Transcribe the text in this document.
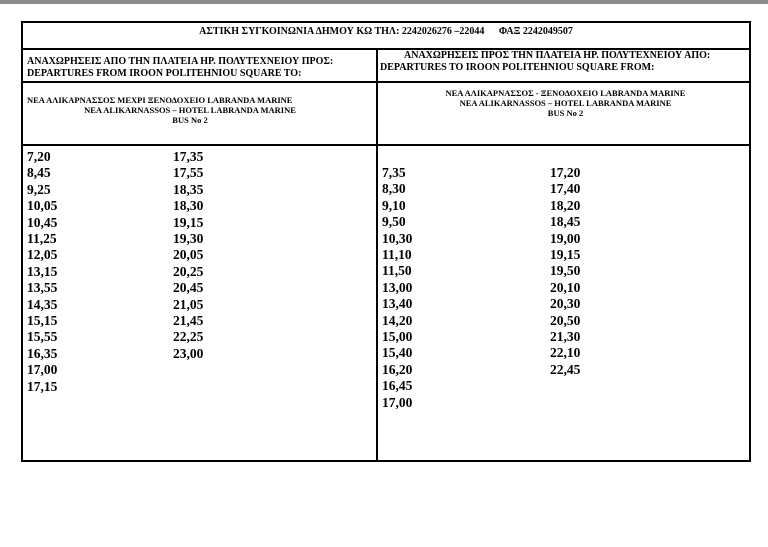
ΑΣΤΙΚΗ ΣΥΓΚΟΙΝΩΝΙΑ ΔΗΜΟΥ ΚΩ ΤΗΛ: 2242026276 –22044 ΦΑΞ 2242049507
ΑΝΑΧΩΡΗΣΕΙΣ ΑΠΟ ΤΗΝ ΠΛΑΤΕΙΑ ΗΡ. ΠΟΛΥΤΕΧΝΕΙΟΥ ΠΡΟΣ:
DEPARTURES FROM IROON POLITEHNIOU SQUARE TO:
ΑΝΑΧΩΡΗΣΕΙΣ ΠΡΟΣ ΤΗΝ ΠΛΑΤΕΙΑ ΗΡ. ΠΟΛΥΤΕΧΝΕΙΟΥ ΑΠΟ:
DEPARTURES TO IROON POLITEHNIOU SQUARE FROM:
ΝΕΑ ΑΛΙΚΑΡΝΑΣΣΟΣ ΜΕΧΡΙ ΞΕΝΟΔΟΧΕΙΟ LABRANDA MARINE
NEA ALIKARNASSOS – HOTEL LABRANDA MARINE
BUS No 2
ΝΕΑ ΑΛΙΚΑΡΝΑΣΣΟΣ - ΞΕΝΟΔΟΧΕΙΟ LABRANDA MARINE
NEA ALIKARNASSOS – HOTEL LABRANDA MARINE
BUS No 2
7,20
8,45
9,25
10,05
10,45
11,25
12,05
13,15
13,55
14,35
15,15
15,55
16,35
17,00
17,15
17,35
17,55
18,35
18,30
19,15
19,30
20,05
20,25
20,45
21,05
21,45
22,25
23,00
7,35
8,30
9,10
9,50
10,30
11,10
11,50
13,00
13,40
14,20
15,00
15,40
16,20
16,45
17,00
17,20
17,40
18,20
18,45
19,00
19,15
19,50
20,10
20,30
20,50
21,30
22,10
22,45
